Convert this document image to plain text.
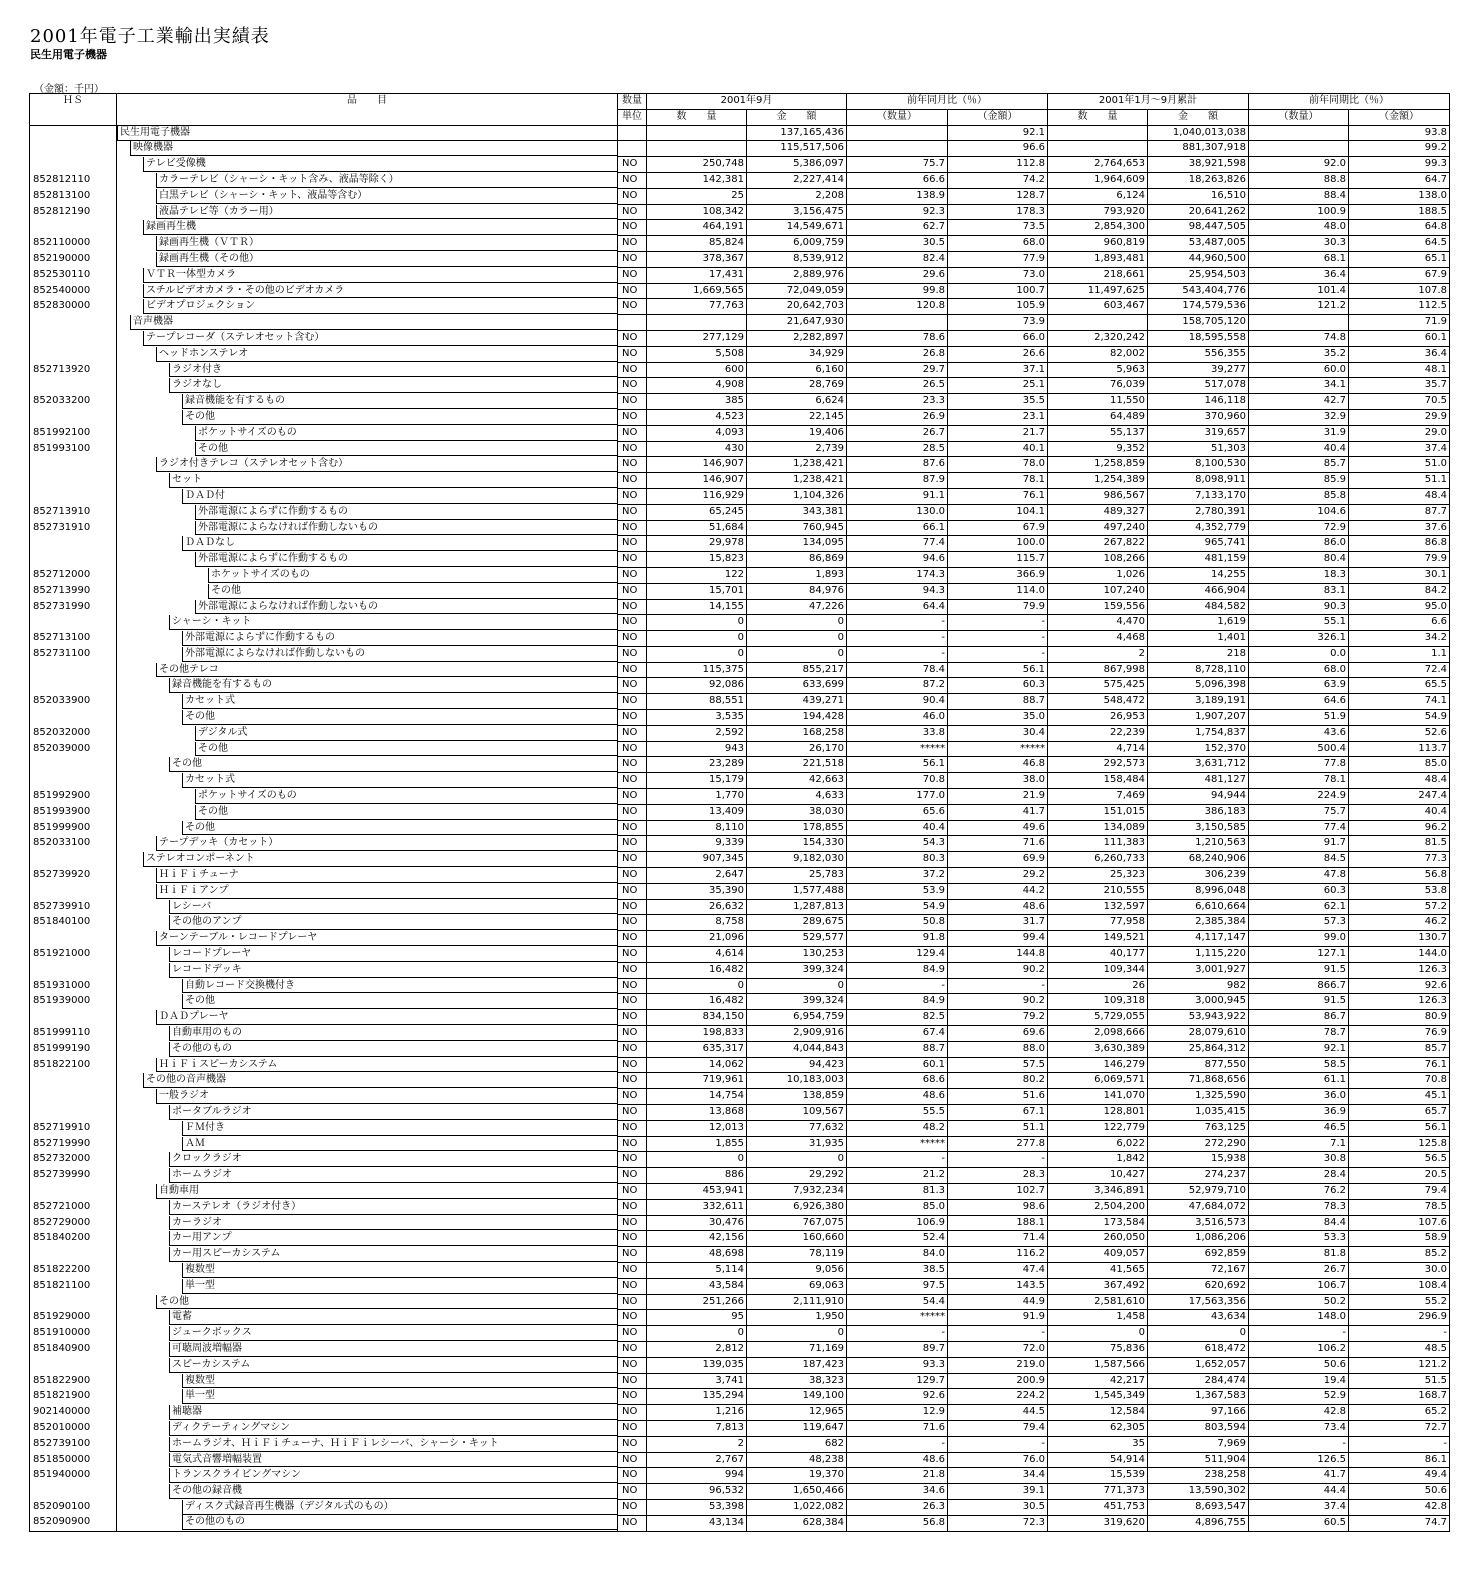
2001年電子工業輸出実績表
民生用電子機器
（金額：千円）
ＨＳ	品　　目	数量	2001年9月		前年同月比（％）		2001年1月～9月累計		前年同期比（％）	
		単位	数　　量	金　　額	（数量）	（金額）	数　　量	金　　額	（数量）	（金額）

	民生用電子機器			137,165,436		92.1		1,040,013,038		93.8

	映像機器			115,517,506		96.6		881,307,918		99.2

	テレビ受像機	NO	250,748	5,386,097	75.7	112.8	2,764,653	38,921,598	92.0	99.3
852812110	カラーテレビ（シャーシ・キット含み、液晶等除く）	NO	142,381	2,227,414	66.6	74.2	1,964,609	18,263,826	88.8	64.7
852813100	白黒テレビ（シャーシ・キット、液晶等含む）	NO	25	2,208	138.9	128.7	6,124	16,510	88.4	138.0
852812190	液晶テレビ等（カラー用）	NO	108,342	3,156,475	92.3	178.3	793,920	20,641,262	100.9	188.5

	録画再生機	NO	464,191	14,549,671	62.7	73.5	2,854,300	98,447,505	48.0	64.8
852110000	録画再生機（ＶＴＲ）	NO	85,824	6,009,759	30.5	68.0	960,819	53,487,005	30.3	64.5
852190000	録画再生機（その他）	NO	378,367	8,539,912	82.4	77.9	1,893,481	44,960,500	68.1	65.1
852530110	ＶＴＲ一体型カメラ	NO	17,431	2,889,976	29.6	73.0	218,661	25,954,503	36.4	67.9
852540000	スチルビデオカメラ・その他のビデオカメラ	NO	1,669,565	72,049,059	99.8	100.7	11,497,625	543,404,776	101.4	107.8
852830000	ビデオプロジェクション	NO	77,763	20,642,703	120.8	105.9	603,467	174,579,536	121.2	112.5

	音声機器			21,647,930		73.9		158,705,120		71.9

	テープレコーダ（ステレオセット含む）	NO	277,129	2,282,897	78.6	66.0	2,320,242	18,595,558	74.8	60.1

	ヘッドホンステレオ	NO	5,508	34,929	26.8	26.6	82,002	556,355	35.2	36.4
852713920	ラジオ付き	NO	600	6,160	29.7	37.1	5,963	39,277	60.0	48.1

	ラジオなし	NO	4,908	28,769	26.5	25.1	76,039	517,078	34.1	35.7
852033200	録音機能を有するもの	NO	385	6,624	23.3	35.5	11,550	146,118	42.7	70.5

	その他	NO	4,523	22,145	26.9	23.1	64,489	370,960	32.9	29.9
851992100	ポケットサイズのもの	NO	4,093	19,406	26.7	21.7	55,137	319,657	31.9	29.0
851993100	その他	NO	430	2,739	28.5	40.1	9,352	51,303	40.4	37.4

	ラジオ付きテレコ（ステレオセット含む）	NO	146,907	1,238,421	87.6	78.0	1,258,859	8,100,530	85.7	51.0

	セット	NO	146,907	1,238,421	87.9	78.1	1,254,389	8,098,911	85.9	51.1

	ＤＡＤ付	NO	116,929	1,104,326	91.1	76.1	986,567	7,133,170	85.8	48.4
852713910	外部電源によらずに作動するもの	NO	65,245	343,381	130.0	104.1	489,327	2,780,391	104.6	87.7
852731910	外部電源によらなければ作動しないもの	NO	51,684	760,945	66.1	67.9	497,240	4,352,779	72.9	37.6

	ＤＡＤなし	NO	29,978	134,095	77.4	100.0	267,822	965,741	86.0	86.8

	外部電源によらずに作動するもの	NO	15,823	86,869	94.6	115.7	108,266	481,159	80.4	79.9
852712000	ホケットサイズのもの	NO	122	1,893	174.3	366.9	1,026	14,255	18.3	30.1
852713990	その他	NO	15,701	84,976	94.3	114.0	107,240	466,904	83.1	84.2
852731990	外部電源によらなければ作動しないもの	NO	14,155	47,226	64.4	79.9	159,556	484,582	90.3	95.0

	シャーシ・キット	NO	0	0	-	-	4,470	1,619	55.1	6.6
852713100	外部電源によらずに作動するもの	NO	0	0	-	-	4,468	1,401	326.1	34.2
852731100	外部電源によらなければ作動しないもの	NO	0	0	-	-	2	218	0.0	1.1

	その他テレコ	NO	115,375	855,217	78.4	56.1	867,998	8,728,110	68.0	72.4

	録音機能を有するもの	NO	92,086	633,699	87.2	60.3	575,425	5,096,398	63.9	65.5
852033900	カセット式	NO	88,551	439,271	90.4	88.7	548,472	3,189,191	64.6	74.1

	その他	NO	3,535	194,428	46.0	35.0	26,953	1,907,207	51.9	54.9
852032000	デジタル式	NO	2,592	168,258	33.8	30.4	22,239	1,754,837	43.6	52.6
852039000	その他	NO	943	26,170	*****	*****	4,714	152,370	500.4	113.7

	その他	NO	23,289	221,518	56.1	46.8	292,573	3,631,712	77.8	85.0

	カセット式	NO	15,179	42,663	70.8	38.0	158,484	481,127	78.1	48.4
851992900	ポケットサイズのもの	NO	1,770	4,633	177.0	21.9	7,469	94,944	224.9	247.4
851993900	その他	NO	13,409	38,030	65.6	41.7	151,015	386,183	75.7	40.4
851999900	その他	NO	8,110	178,855	40.4	49.6	134,089	3,150,585	77.4	96.2
852033100	テープデッキ（カセット）	NO	9,339	154,330	54.3	71.6	111,383	1,210,563	91.7	81.5

	ステレオコンポーネント	NO	907,345	9,182,030	80.3	69.9	6,260,733	68,240,906	84.5	77.3
852739920	ＨｉＦｉチューナ	NO	2,647	25,783	37.2	29.2	25,323	306,239	47.8	56.8

	ＨｉＦｉアンプ	NO	35,390	1,577,488	53.9	44.2	210,555	8,996,048	60.3	53.8
852739910	レシーバ	NO	26,632	1,287,813	54.9	48.6	132,597	6,610,664	62.1	57.2
851840100	その他のアンプ	NO	8,758	289,675	50.8	31.7	77,958	2,385,384	57.3	46.2

	ターンテーブル・レコードプレーヤ	NO	21,096	529,577	91.8	99.4	149,521	4,117,147	99.0	130.7
851921000	レコードプレーヤ	NO	4,614	130,253	129.4	144.8	40,177	1,115,220	127.1	144.0

	レコードデッキ	NO	16,482	399,324	84.9	90.2	109,344	3,001,927	91.5	126.3
851931000	自動レコード交換機付き	NO	0	0	-	-	26	982	866.7	92.6
851939000	その他	NO	16,482	399,324	84.9	90.2	109,318	3,000,945	91.5	126.3

	ＤＡＤプレーヤ	NO	834,150	6,954,759	82.5	79.2	5,729,055	53,943,922	86.7	80.9
851999110	自動車用のもの	NO	198,833	2,909,916	67.4	69.6	2,098,666	28,079,610	78.7	76.9
851999190	その他のもの	NO	635,317	4,044,843	88.7	88.0	3,630,389	25,864,312	92.1	85.7
851822100	ＨｉＦｉスピーカシステム	NO	14,062	94,423	60.1	57.5	146,279	877,550	58.5	76.1

	その他の音声機器	NO	719,961	10,183,003	68.6	80.2	6,069,571	71,868,656	61.1	70.8

	一般ラジオ	NO	14,754	138,859	48.6	51.6	141,070	1,325,590	36.0	45.1

	ポータブルラジオ	NO	13,868	109,567	55.5	67.1	128,801	1,035,415	36.9	65.7
852719910	ＦＭ付き	NO	12,013	77,632	48.2	51.1	122,779	763,125	46.5	56.1
852719990	ＡＭ	NO	1,855	31,935	*****	277.8	6,022	272,290	7.1	125.8
852732000	クロックラジオ	NO	0	0	-	-	1,842	15,938	30.8	56.5
852739990	ホームラジオ	NO	886	29,292	21.2	28.3	10,427	274,237	28.4	20.5

	自動車用	NO	453,941	7,932,234	81.3	102.7	3,346,891	52,979,710	76.2	79.4
852721000	カーステレオ（ラジオ付き）	NO	332,611	6,926,380	85.0	98.6	2,504,200	47,684,072	78.3	78.5
852729000	カーラジオ	NO	30,476	767,075	106.9	188.1	173,584	3,516,573	84.4	107.6
851840200	カー用アンプ	NO	42,156	160,660	52.4	71.4	260,050	1,086,206	53.3	58.9

	カー用スピーカシステム	NO	48,698	78,119	84.0	116.2	409,057	692,859	81.8	85.2
851822200	複数型	NO	5,114	9,056	38.5	47.4	41,565	72,167	26.7	30.0
851821100	単一型	NO	43,584	69,063	97.5	143.5	367,492	620,692	106.7	108.4

	その他	NO	251,266	2,111,910	54.4	44.9	2,581,610	17,563,356	50.2	55.2
851929000	電蓄	NO	95	1,950	*****	91.9	1,458	43,634	148.0	296.9
851910000	ジュークボックス	NO	0	0	-	-	0	0	-	-
851840900	可聴周波増幅器	NO	2,812	71,169	89.7	72.0	75,836	618,472	106.2	48.5

	スピーカシステム	NO	139,035	187,423	93.3	219.0	1,587,566	1,652,057	50.6	121.2
851822900	複数型	NO	3,741	38,323	129.7	200.9	42,217	284,474	19.4	51.5
851821900	単一型	NO	135,294	149,100	92.6	224.2	1,545,349	1,367,583	52.9	168.7
902140000	補聴器	NO	1,216	12,965	12.9	44.5	12,584	97,166	42.8	65.2
852010000	ディクテーティングマシン	NO	7,813	119,647	71.6	79.4	62,305	803,594	73.4	72.7
852739100	ホームラジオ、ＨｉＦｉチューナ、ＨｉＦｉレシーバ、シャーシ・キット	NO	2	682	-	-	35	7,969	-	-
851850000	電気式音響増幅装置	NO	2,767	48,238	48.6	76.0	54,914	511,904	126.5	86.1
851940000	トランスクライビングマシン	NO	994	19,370	21.8	34.4	15,539	238,258	41.7	49.4

	その他の録音機	NO	96,532	1,650,466	34.6	39.1	771,373	13,590,302	44.4	50.6
852090100	ディスク式録音再生機器（デジタル式のもの）	NO	53,398	1,022,082	26.3	30.5	451,753	8,693,547	37.4	42.8
852090900	その他のもの	NO	43,134	628,384	56.8	72.3	319,620	4,896,755	60.5	74.7
